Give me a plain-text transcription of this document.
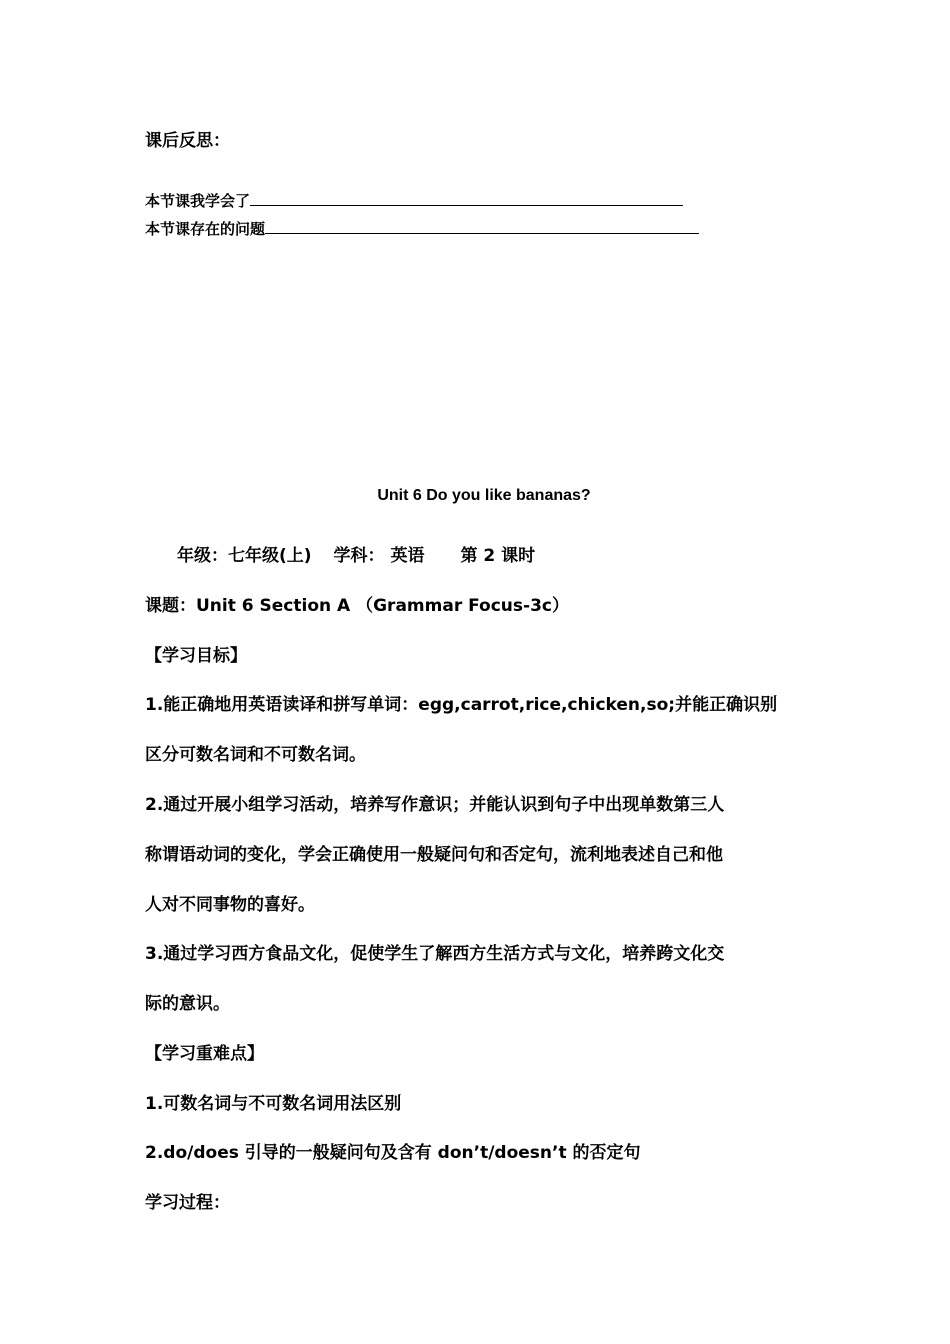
课后反思：
本节课我学会了
本节课存在的问题
Unit 6 Do you like bananas?
年级：七年级(上) 学科： 英语 第 2 课时
课题：Unit 6 Section A （Grammar Focus-3c）
【学习目标】
1.能正确地用英语读译和拼写单词：egg,carrot,rice,chicken,so;并能正确识别
区分可数名词和不可数名词。
2.通过开展小组学习活动，培养写作意识；并能认识到句子中出现单数第三人
称谓语动词的变化，学会正确使用一般疑问句和否定句，流利地表述自己和他
人对不同事物的喜好。
3.通过学习西方食品文化，促使学生了解西方生活方式与文化，培养跨文化交
际的意识。
【学习重难点】
1.可数名词与不可数名词用法区别
2.do/does 引导的一般疑问句及含有 don’t/doesn’t 的否定句
学习过程：
